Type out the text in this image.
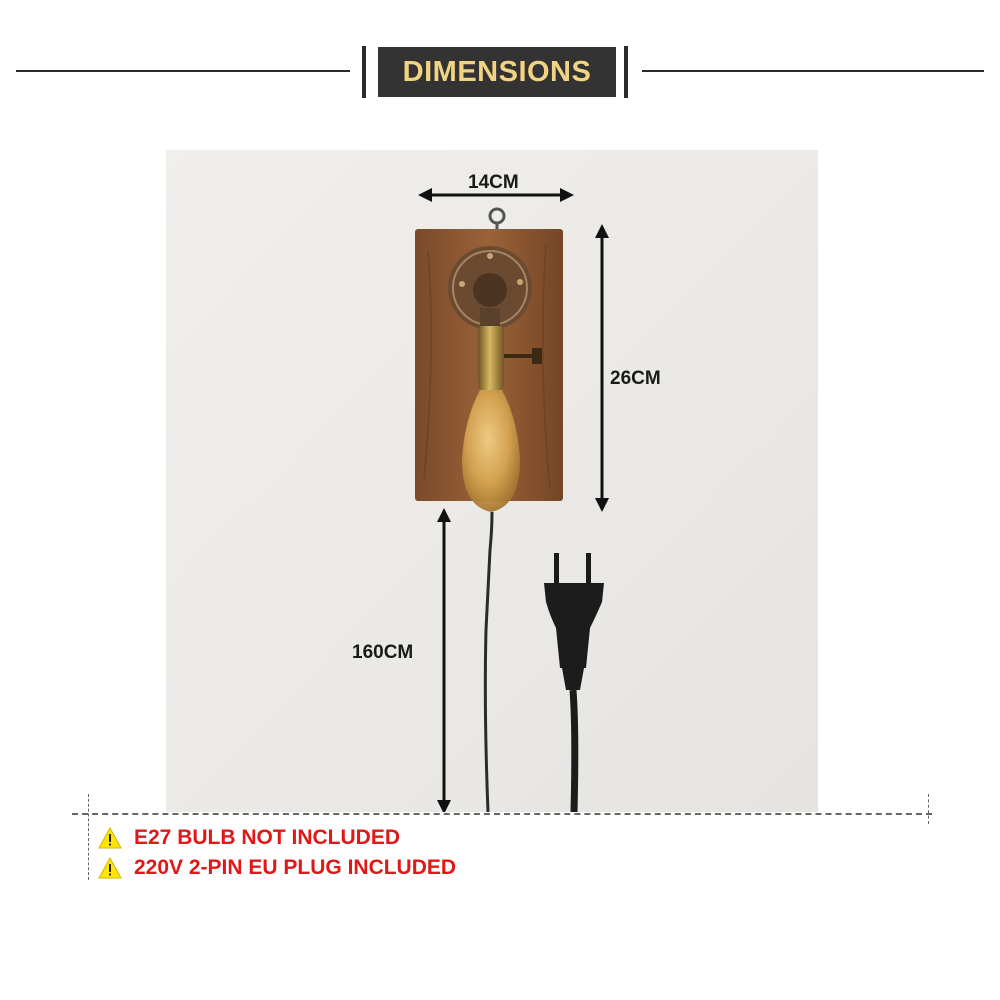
DIMENSIONS
14CM
26CM
160CM
E27 BULB NOT INCLUDED
220V 2-PIN EU PLUG INCLUDED
